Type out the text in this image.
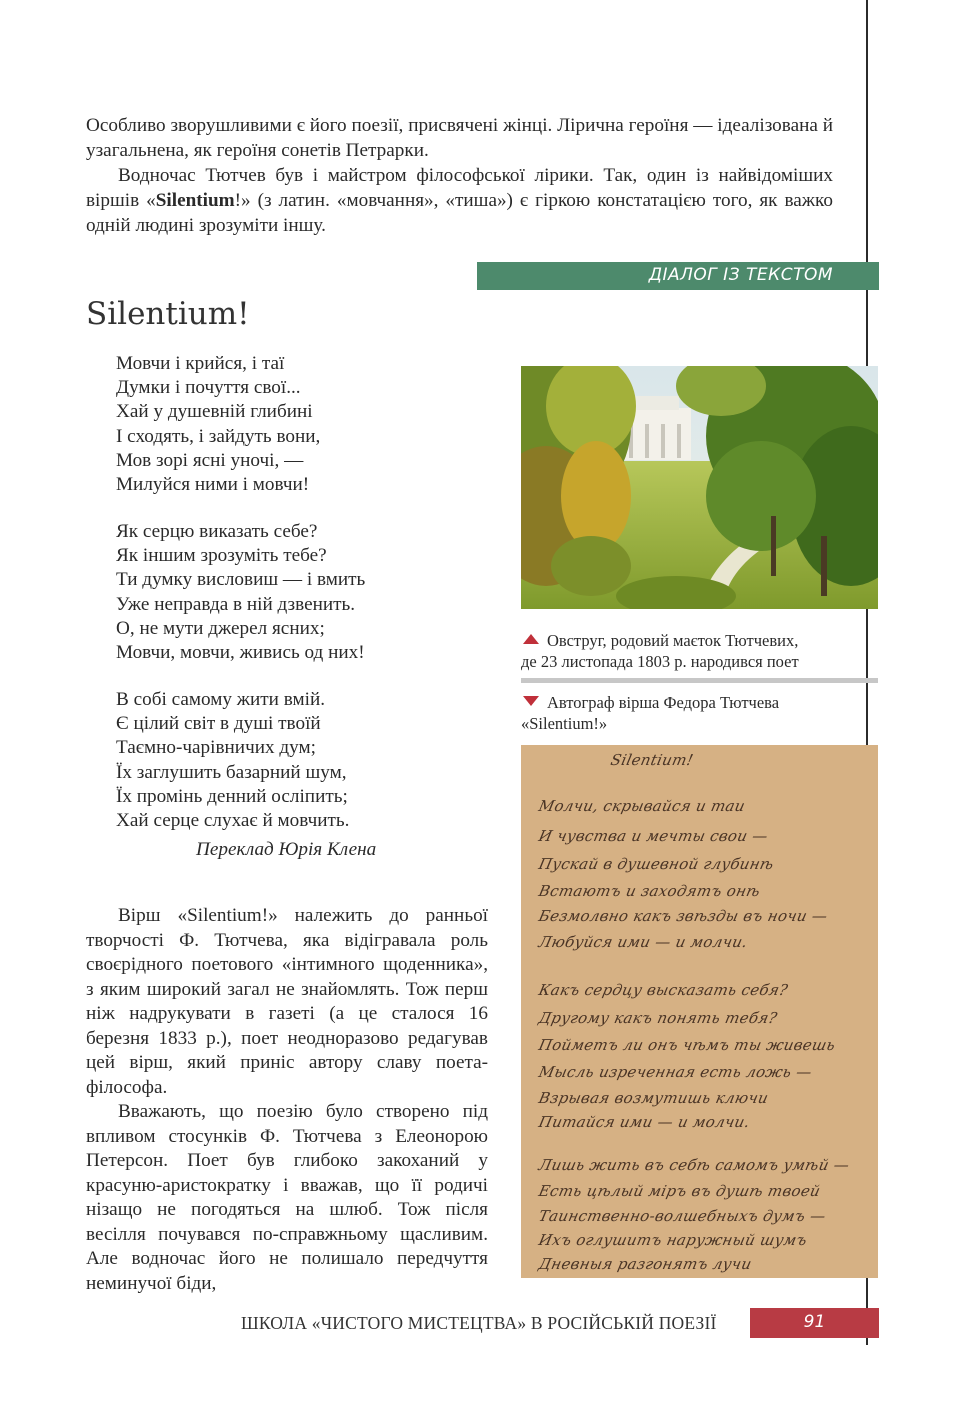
Особливо зворушливими є його поезії, присвячені жінці. Лірична героїня — ідеалізована й узагальнена, як героїня сонетів Петрарки.

Водночас Тютчев був і майстром філософської лірики. Так, один із найвідоміших віршів «Silentium!» (з латин. «мовчання», «тиша») є гіркою констатацією того, як важко одній людині зрозуміти іншу.

ДІАЛОГ ІЗ ТЕКСТОМ
Silentium!
Мовчи і крийся, і таї
Думки і почуття свої...
Хай у душевній глибині
І сходять, і зайдуть вони,
Мов зорі ясні уночі, —
Милуйся ними і мовчи!
Як серцю виказать себе?
Як іншим зрозуміть тебе?
Ти думку висловиш — і вмить
Уже неправда в ній дзвенить.
О, не мути джерел ясних;
Мовчи, мовчи, живись од них!
В собі самому жити вмій.
Є цілий світ в душі твоїй
Таємно-чарівничих дум;
Їх заглушить базарний шум,
Їх промінь денний осліпить;
Хай серце слухає й мовчить.
Переклад Юрія Клена

Вірш «Silentium!» належить до ранньої творчості Ф. Тютчева, яка відігравала роль своєрідного поетового «інтимного щоденника», з яким широкий загал не знайомлять. Тож перш ніж надрукувати в газеті (а це сталося 16 березня 1833 р.), поет неодноразово редагував цей вірш, який приніс автору славу поета-філософа.

Вважають, що поезію було створено під впливом стосунків Ф. Тютчева з Елеонорою Петерсон. Поет був глибоко закоханий у красуню-аристократку і вважав, що її родичі нізащо не погодяться на шлюб. Тож після весілля почувався по-справжньому щасливим. Але водночас його не полишало передчуття неминучої біди,

Овструг, родовий маєток Тютчевих,
де 23 листопада 1803 р. народився поет
Автограф вірша Федора Тютчева
«Silentium!»
Silentium!
Молчи, скрывайся и таи
И чувства и мечты свои —
Пускай в душевной глубинѣ
Встаютъ и заходятъ онѣ
Безмолвно какъ звѣзды въ ночи —
Любуйся ими — и молчи.
Какъ сердцу высказать себя?
Другому какъ понять тебя?
Пойметъ ли онъ чѣмъ ты живешь
Мысль изреченная есть ложь —
Взрывая возмутишь ключи
Питайся ими — и молчи.
Лишь жить въ себѣ самомъ умѣй —
Есть цѣлый міръ въ душѣ твоей
Таинственно-волшебныхъ думъ —
Ихъ оглушитъ наружный шумъ
Дневныя разгонятъ лучи
ШКОЛА «ЧИСТОГО МИСТЕЦТВА» В РОСІЙСЬКІЙ ПОЕЗІЇ	91
